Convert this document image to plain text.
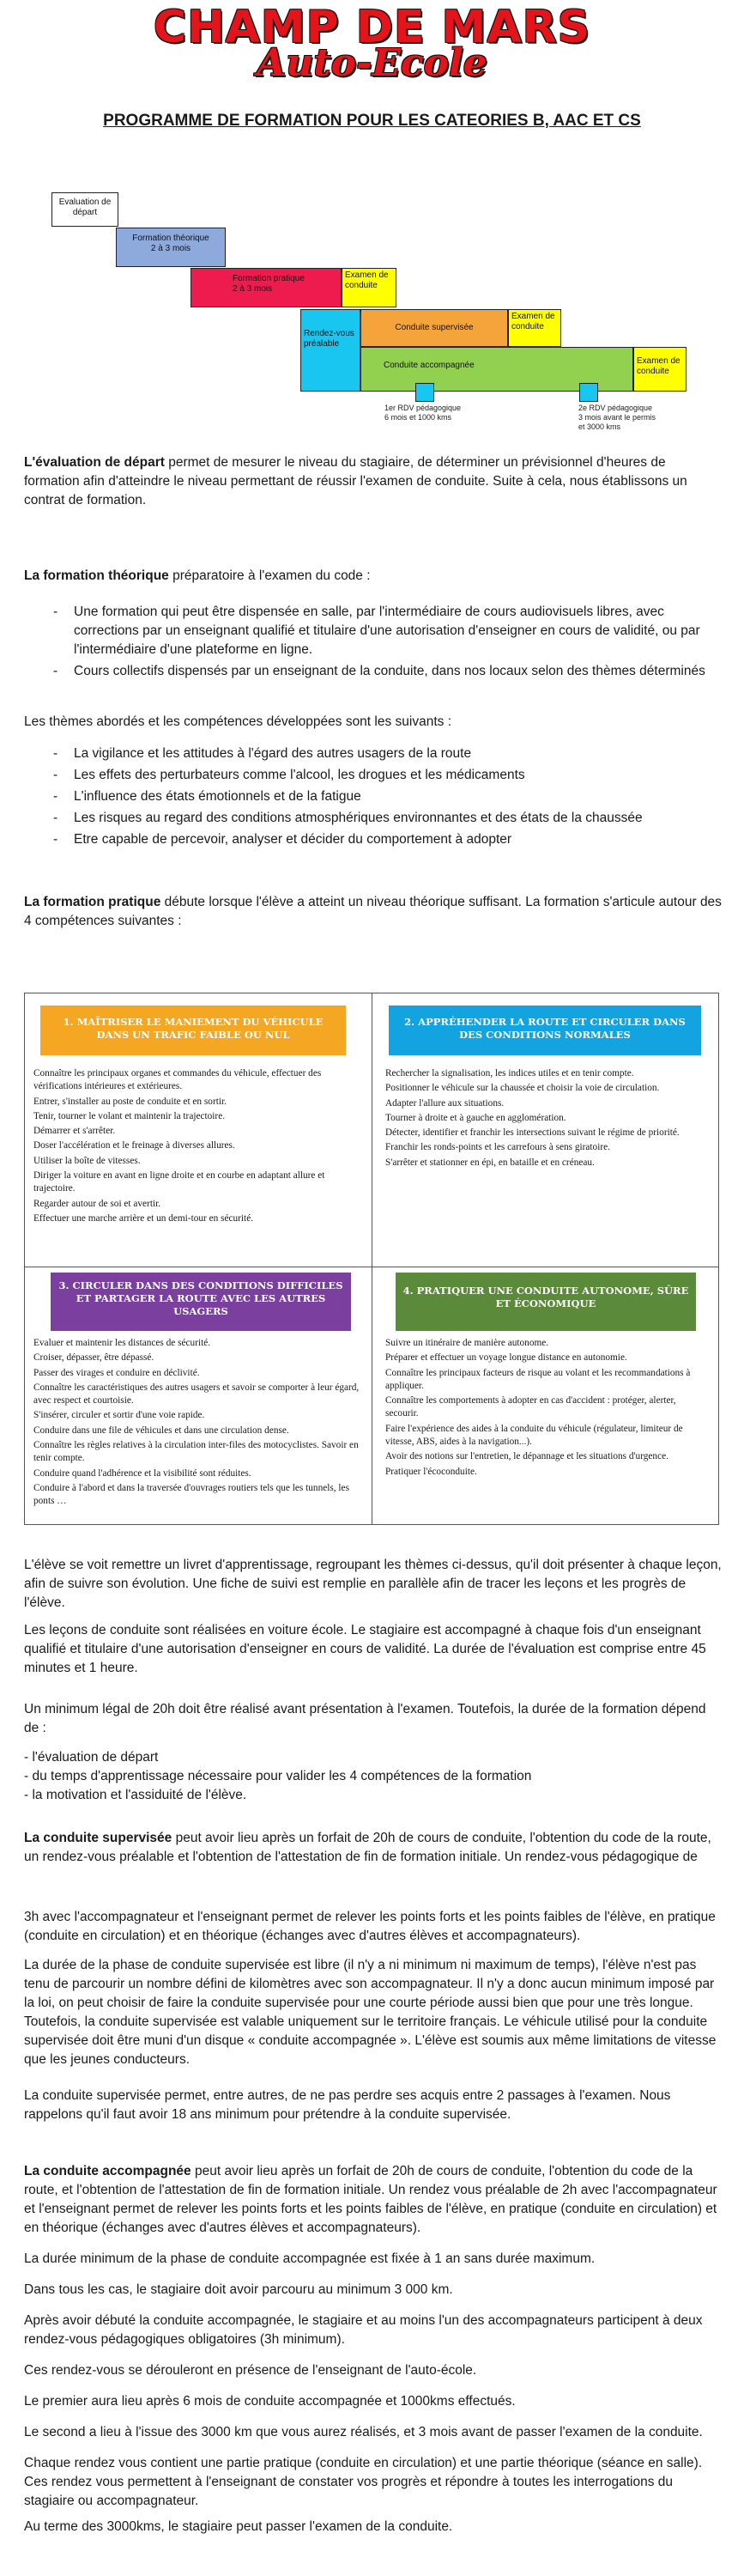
CHAMP DE MARS
Auto-Ecole
PROGRAMME DE FORMATION POUR LES CATEORIES B, AAC ET CS
Evaluation de départ
Formation théorique
2 à 3 mois
Formation pratique
2 à 3 mois
Examen de conduite
Rendez-vous préalable
Conduite supervisée
Examen de conduite
Conduite accompagnée	Examen de conduite
1er RDV pédagogique
6 mois et 1000 kms
2e RDV pédagogique
3 mois avant le permis
et 3000 kms

L'évaluation de départ permet de mesurer le niveau du stagiaire, de déterminer un prévisionnel d'heures de formation afin d'atteindre le niveau permettant de réussir l'examen de conduite. Suite à cela, nous établissons un contrat de formation.

La formation théorique préparatoire à l'examen du code :

- Une formation qui peut être dispensée en salle, par l'intermédiaire de cours audiovisuels libres, avec corrections par un enseignant qualifié et titulaire d'une autorisation d'enseigner en cours de validité, ou par l'intermédiaire d'une plateforme en ligne.
- Cours collectifs dispensés par un enseignant de la conduite, dans nos locaux selon des thèmes déterminés

Les thèmes abordés et les compétences développées sont les suivants :

- La vigilance et les attitudes à l'égard des autres usagers de la route
- Les effets des perturbateurs comme l'alcool, les drogues et les médicaments
- L'influence des états émotionnels et de la fatigue
- Les risques au regard des conditions atmosphériques environnantes et des états de la chaussée
- Etre capable de percevoir, analyser et décider du comportement à adopter

La formation pratique débute lorsque l'élève a atteint un niveau théorique suffisant. La formation s'articule autour des 4 compétences suivantes :

1. MAÎTRISER LE MANIEMENT DU VÉHICULE DANS UN TRAFIC FAIBLE OU NUL
Connaître les principaux organes et commandes du véhicule, effectuer des vérifications intérieures et extérieures.
Entrer, s'installer au poste de conduite et en sortir.
Tenir, tourner le volant et maintenir la trajectoire.
Démarrer et s'arrêter.
Doser l'accélération et le freinage à diverses allures.
Utiliser la boîte de vitesses.
Diriger la voiture en avant en ligne droite et en courbe en adaptant allure et trajectoire.
Regarder autour de soi et avertir.
Effectuer une marche arrière et un demi-tour en sécurité.
2. APPRÉHENDER LA ROUTE ET CIRCULER DANS DES CONDITIONS NORMALES
Rechercher la signalisation, les indices utiles et en tenir compte.
Positionner le véhicule sur la chaussée et choisir la voie de circulation.
Adapter l'allure aux situations.
Tourner à droite et à gauche en agglomération.
Détecter, identifier et franchir les intersections suivant le régime de priorité.
Franchir les ronds-points et les carrefours à sens giratoire.
S'arrêter et stationner en épi, en bataille et en créneau.
3. CIRCULER DANS DES CONDITIONS DIFFICILES ET PARTAGER LA ROUTE AVEC LES AUTRES USAGERS
Evaluer et maintenir les distances de sécurité.
Croiser, dépasser, être dépassé.
Passer des virages et conduire en déclivité.
Connaître les caractéristiques des autres usagers et savoir se comporter à leur égard, avec respect et courtoisie.
S'insérer, circuler et sortir d'une voie rapide.
Conduire dans une file de véhicules et dans une circulation dense.
Connaître les règles relatives à la circulation inter-files des motocyclistes. Savoir en tenir compte.
Conduire quand l'adhérence et la visibilité sont réduites.
Conduire à l'abord et dans la traversée d'ouvrages routiers tels que les tunnels, les ponts …
4. PRATIQUER UNE CONDUITE AUTONOME, SÛRE ET ÉCONOMIQUE
Suivre un itinéraire de manière autonome.
Préparer et effectuer un voyage longue distance en autonomie.
Connaître les principaux facteurs de risque au volant et les recommandations à appliquer.
Connaître les comportements à adopter en cas d'accident : protéger, alerter, secourir.
Faire l'expérience des aides à la conduite du véhicule (régulateur, limiteur de vitesse, ABS, aides à la navigation...).
Avoir des notions sur l'entretien, le dépannage et les situations d'urgence.
Pratiquer l'écoconduite.

L'élève se voit remettre un livret d'apprentissage, regroupant les thèmes ci-dessus, qu'il doit présenter à chaque leçon, afin de suivre son évolution. Une fiche de suivi est remplie en parallèle afin de tracer les leçons et les progrès de l'élève.

Les leçons de conduite sont réalisées en voiture école. Le stagiaire est accompagné à chaque fois d'un enseignant qualifié et titulaire d'une autorisation d'enseigner en cours de validité. La durée de l'évaluation est comprise entre 45 minutes et 1 heure.

Un minimum légal de 20h doit être réalisé avant présentation à l'examen. Toutefois, la durée de la formation dépend de :

- l'évaluation de départ
- du temps d'apprentissage nécessaire pour valider les 4 compétences de la formation
- la motivation et l'assiduité de l'élève.

La conduite supervisée peut avoir lieu après un forfait de 20h de cours de conduite, l'obtention du code de la route, un rendez-vous préalable et l'obtention de l'attestation de fin de formation initiale. Un rendez-vous pédagogique de

3h avec l'accompagnateur et l'enseignant permet de relever les points forts et les points faibles de l'élève, en pratique (conduite en circulation) et en théorique (échanges avec d'autres élèves et accompagnateurs).

La durée de la phase de conduite supervisée est libre (il n'y a ni minimum ni maximum de temps), l'élève n'est pas tenu de parcourir un nombre défini de kilomètres avec son accompagnateur. Il n'y a donc aucun minimum imposé par la loi, on peut choisir de faire la conduite supervisée pour une courte période aussi bien que pour une très longue. Toutefois, la conduite supervisée est valable uniquement sur le territoire français. Le véhicule utilisé pour la conduite supervisée doit être muni d'un disque « conduite accompagnée ». L'élève est soumis aux même limitations de vitesse que les jeunes conducteurs.

La conduite supervisée permet, entre autres, de ne pas perdre ses acquis entre 2 passages à l'examen. Nous rappelons qu'il faut avoir 18 ans minimum pour prétendre à la conduite supervisée.

La conduite accompagnée peut avoir lieu après un forfait de 20h de cours de conduite, l'obtention du code de la route, et l'obtention de l'attestation de fin de formation initiale. Un rendez vous préalable de 2h avec l'accompagnateur et l'enseignant permet de relever les points forts et les points faibles de l'élève, en pratique (conduite en circulation) et en théorique (échanges avec d'autres élèves et accompagnateurs).

La durée minimum de la phase de conduite accompagnée est fixée à 1 an sans durée maximum.

Dans tous les cas, le stagiaire doit avoir parcouru au minimum 3 000 km.

Après avoir débuté la conduite accompagnée, le stagiaire et au moins l'un des accompagnateurs participent à deux rendez-vous pédagogiques obligatoires (3h minimum).

Ces rendez-vous se dérouleront en présence de l'enseignant de l'auto-école.

Le premier aura lieu après 6 mois de conduite accompagnée et 1000kms effectués.

Le second a lieu à l'issue des 3000 km que vous aurez réalisés, et 3 mois avant de passer l'examen de la conduite.

Chaque rendez vous contient une partie pratique (conduite en circulation) et une partie théorique (séance en salle). Ces rendez vous permettent à l'enseignant de constater vos progrès et répondre à toutes les interrogations du stagiaire ou accompagnateur.

Au terme des 3000kms, le stagiaire peut passer l'examen de la conduite.
